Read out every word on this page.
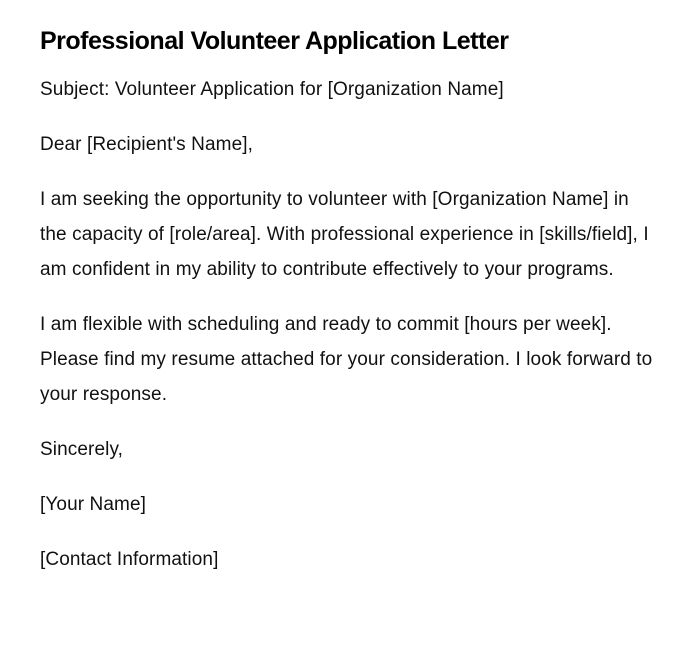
Professional Volunteer Application Letter

Subject: Volunteer Application for [Organization Name]

Dear [Recipient's Name],

I am seeking the opportunity to volunteer with [Organization Name] in the capacity of [role/area]. With professional experience in [skills/field], I am confident in my ability to contribute effectively to your programs.

I am flexible with scheduling and ready to commit [hours per week]. Please find my resume attached for your consideration. I look forward to your response.

Sincerely,

[Your Name]

[Contact Information]
